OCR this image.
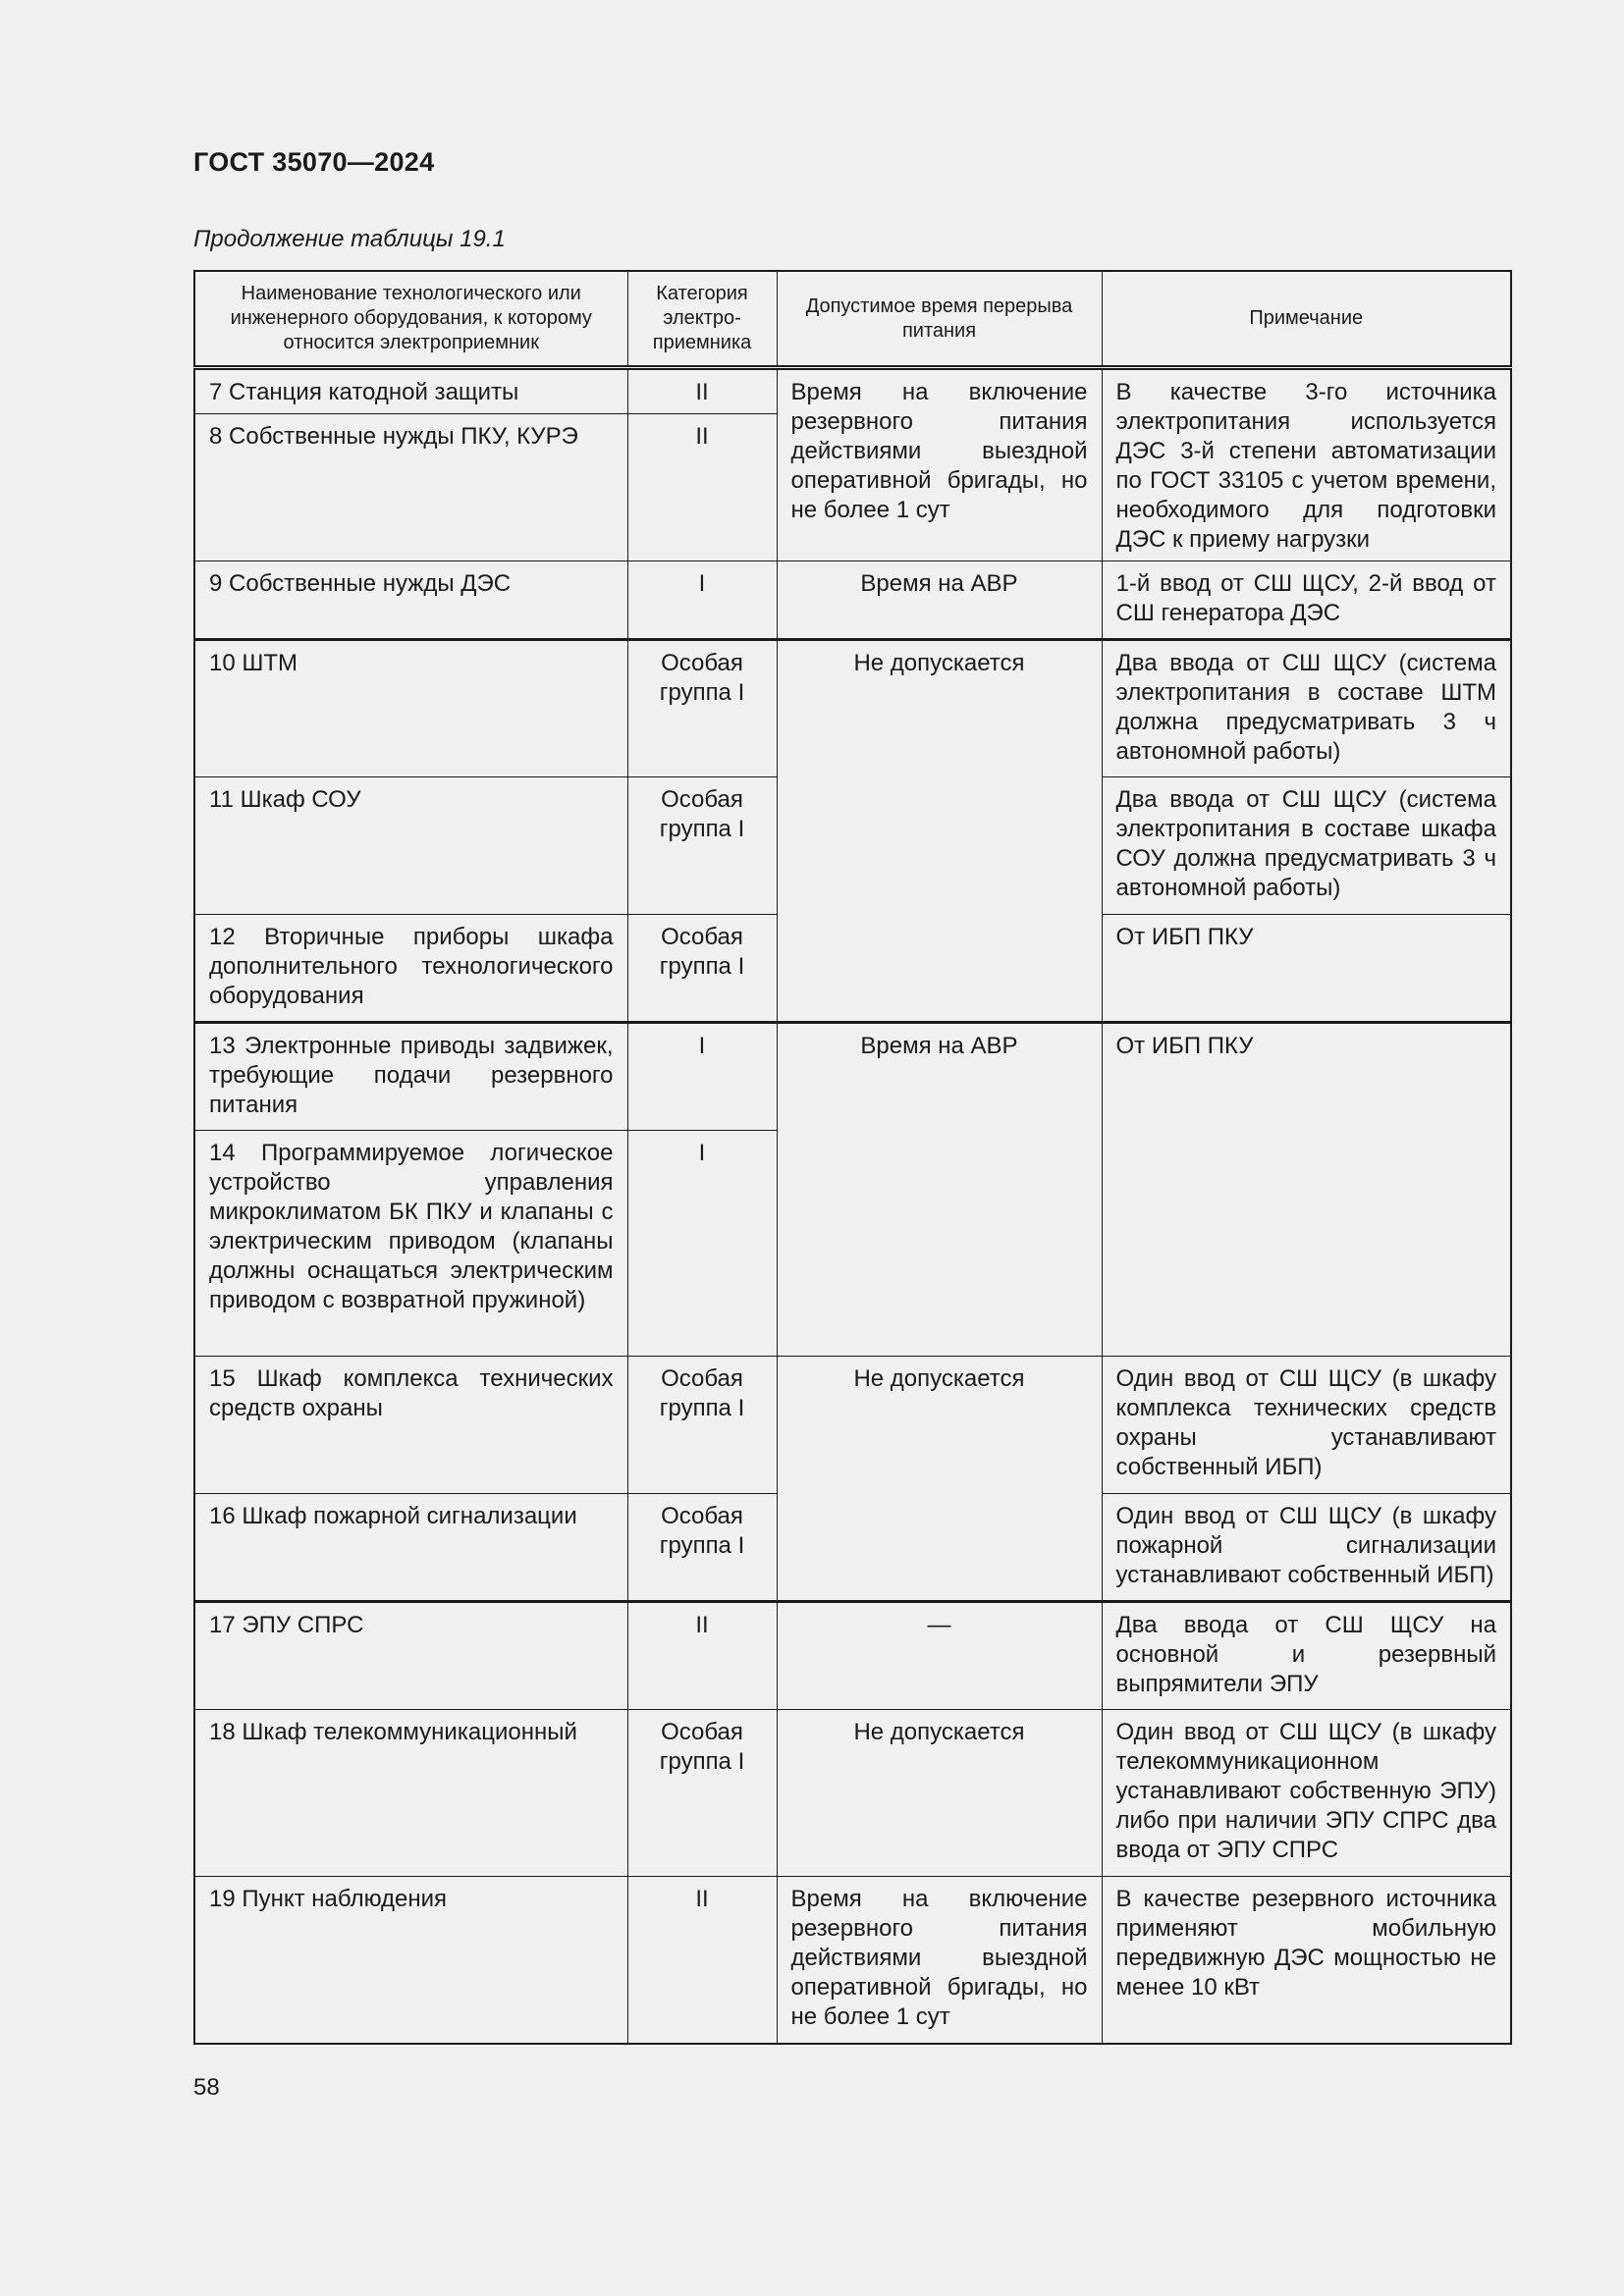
ГОСТ 35070—2024
Продолжение таблицы 19.1
Наименование технологического или инженерного оборудования, к которому относится электроприемник	Категория электро-приемника	Допустимое время перерыва питания	Примечание
7 Станция катодной защиты	II	Время на включение резервного питания действиями выездной оперативной бригады, но не более 1 сут	В качестве 3-го источника электропитания используется ДЭС 3-й степени автоматизации по ГОСТ 33105 с учетом времени, необходимого для подготовки ДЭС к приему нагрузки
8 Собственные нужды ПКУ, КУРЭ	II		
9 Собственные нужды ДЭС	I	Время на АВР	1-й ввод от СШ ЩСУ, 2-й ввод от СШ генератора ДЭС
10 ШТМ	Особая группа I	Не допускается	Два ввода от СШ ЩСУ (система электропитания в составе ШТМ должна предусматривать 3 ч автономной работы)
11 Шкаф СОУ	Особая группа I		Два ввода от СШ ЩСУ (система электропитания в составе шкафа СОУ должна предусматривать 3 ч автономной работы)
12 Вторичные приборы шкафа дополнительного технологического оборудования	Особая группа I		От ИБП ПКУ
13 Электронные приводы задвижек, требующие подачи резервного питания	I	Время на АВР	От ИБП ПКУ
14 Программируемое логическое устройство управления микроклиматом БК ПКУ и клапаны с электрическим приводом (клапаны должны оснащаться электрическим приводом с возвратной пружиной)	I		
15 Шкаф комплекса технических средств охраны	Особая группа I	Не допускается	Один ввод от СШ ЩСУ (в шкафу комплекса технических средств охраны устанавливают собственный ИБП)
16 Шкаф пожарной сигнализации	Особая группа I		Один ввод от СШ ЩСУ (в шкафу пожарной сигнализации устанавливают собственный ИБП)
17 ЭПУ СПРС	II	—	Два ввода от СШ ЩСУ на основной и резервный выпрямители ЭПУ
18 Шкаф телекоммуникационный	Особая группа I	Не допускается	Один ввод от СШ ЩСУ (в шкафу телекоммуникационном устанавливают собственную ЭПУ) либо при наличии ЭПУ СПРС два ввода от ЭПУ СПРС
19 Пункт наблюдения	II	Время на включение резервного питания действиями выездной оперативной бригады, но не более 1 сут	В качестве резервного источника применяют мобильную передвижную ДЭС мощностью не менее 10 кВт
58
